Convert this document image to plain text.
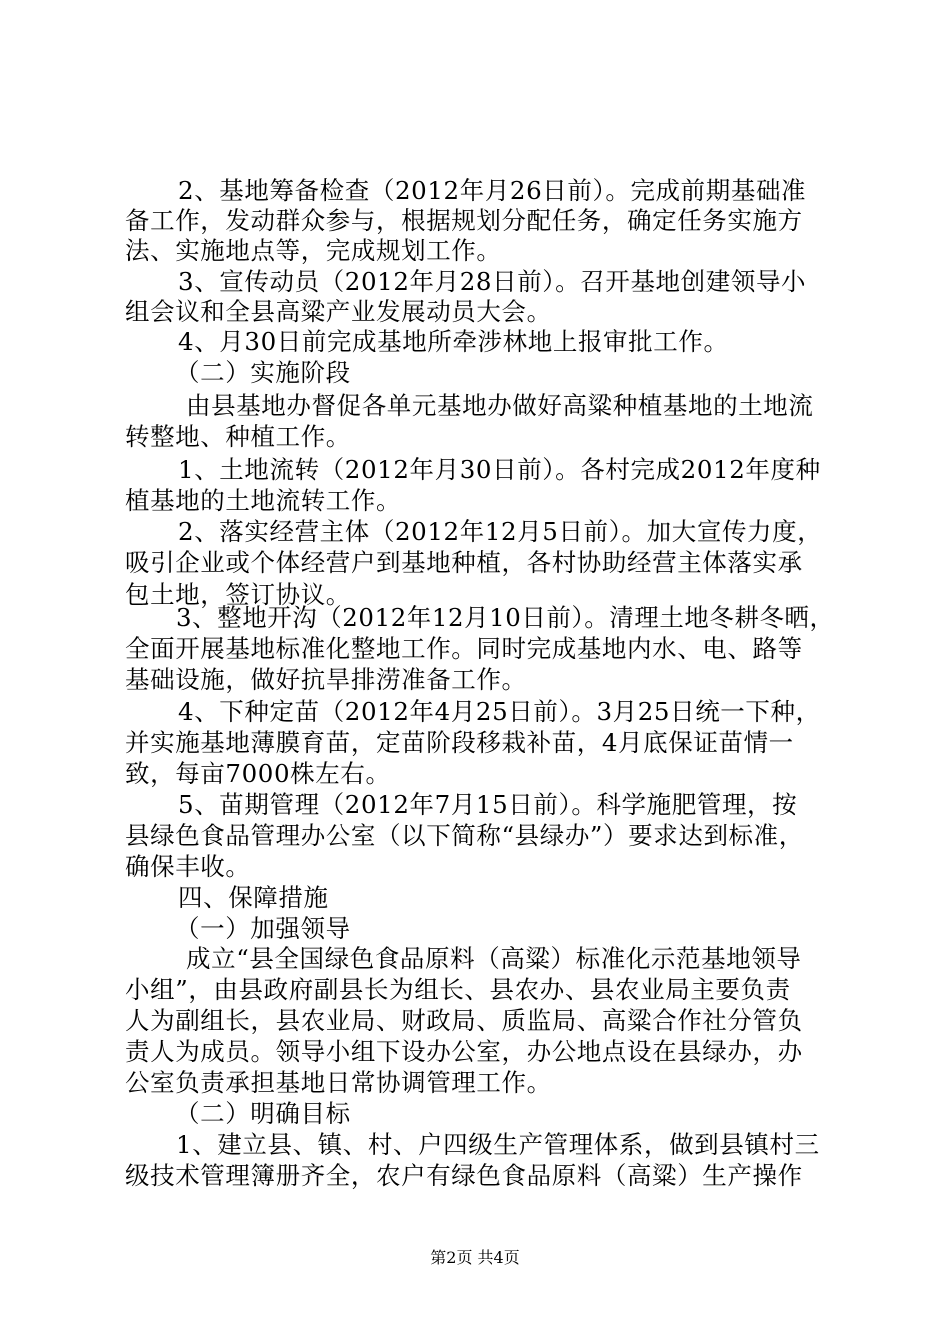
2、基地筹备检查（2012年月26日前）。完成前期基础准
备工作，发动群众参与，根据规划分配任务，确定任务实施方
法、实施地点等，完成规划工作。
3、宣传动员（2012年月28日前）。召开基地创建领导小
组会议和全县高粱产业发展动员大会。
4、月30日前完成基地所牵涉林地上报审批工作。
（二）实施阶段
由县基地办督促各单元基地办做好高粱种植基地的土地流
转整地、种植工作。
1、土地流转（2012年月30日前）。各村完成2012年度种
植基地的土地流转工作。
2、落实经营主体（2012年12月5日前）。加大宣传力度，
吸引企业或个体经营户到基地种植，各村协助经营主体落实承
包土地，签订协议。
3、整地开沟（2012年12月10日前）。清理土地冬耕冬晒，
全面开展基地标准化整地工作。同时完成基地内水、电、路等
基础设施，做好抗旱排涝准备工作。
4、下种定苗（2012年4月25日前）。3月25日统一下种，
并实施基地薄膜育苗，定苗阶段移栽补苗，4月底保证苗情一
致，每亩7000株左右。
5、苗期管理（2012年7月15日前）。科学施肥管理，按
县绿色食品管理办公室（以下简称“县绿办”）要求达到标准，
确保丰收。
四、保障措施
（一）加强领导
成立“县全国绿色食品原料（高粱）标准化示范基地领导
小组”，由县政府副县长为组长、县农办、县农业局主要负责
人为副组长，县农业局、财政局、质监局、高粱合作社分管负
责人为成员。领导小组下设办公室，办公地点设在县绿办，办
公室负责承担基地日常协调管理工作。
（二）明确目标
1、建立县、镇、村、户四级生产管理体系，做到县镇村三
级技术管理簿册齐全，农户有绿色食品原料（高粱）生产操作
第2页 共4页
